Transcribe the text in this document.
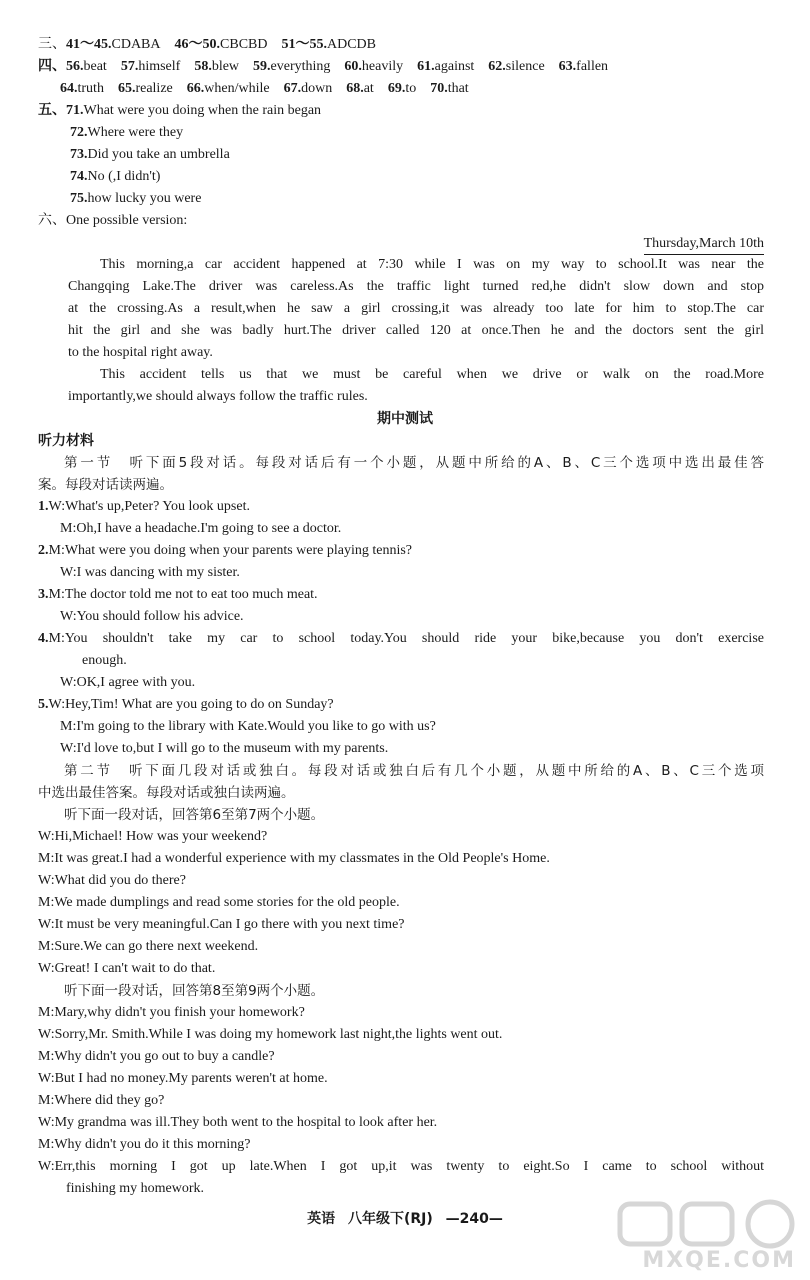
三、41～45.CDABA 46～50.CBCBD 51～55.ADCDB
四、56.beat 57.himself 58.blew 59.everything 60.heavily 61.against 62.silence 63.fallen
64.truth 65.realize 66.when/while 67.down 68.at 69.to 70.that
五、71.What were you doing when the rain began
72.Where were they
73.Did you take an umbrella
74.No (,I didn't)
75.how lucky you were
六、One possible version:
Thursday,March 10th
This morning,a car accident happened at 7:30 while I was on my way to school.It was near the
Changqing Lake.The driver was careless.As the traffic light turned red,he didn't slow down and stop
at the crossing.As a result,when he saw a girl crossing,it was already too late for him to stop.The car
hit the girl and she was badly hurt.The driver called 120 at once.Then he and the doctors sent the girl
to the hospital right away.
This accident tells us that we must be careful when we drive or walk on the road.More
importantly,we should always follow the traffic rules.
期中测试
听力材料
第一节　听下面5段对话。每段对话后有一个小题，从题中所给的A、B、C三个选项中选出最佳答
案。每段对话读两遍。
1.W:What's up,Peter? You look upset.
M:Oh,I have a headache.I'm going to see a doctor.
2.M:What were you doing when your parents were playing tennis?
W:I was dancing with my sister.
3.M:The doctor told me not to eat too much meat.
W:You should follow his advice.
4.M:You shouldn't take my car to school today.You should ride your bike,because you don't exercise
enough.
W:OK,I agree with you.
5.W:Hey,Tim! What are you going to do on Sunday?
M:I'm going to the library with Kate.Would you like to go with us?
W:I'd love to,but I will go to the museum with my parents.
第二节　听下面几段对话或独白。每段对话或独白后有几个小题，从题中所给的A、B、C三个选项
中选出最佳答案。每段对话或独白读两遍。
听下面一段对话，回答第6至第7两个小题。
W:Hi,Michael! How was your weekend?
M:It was great.I had a wonderful experience with my classmates in the Old People's Home.
W:What did you do there?
M:We made dumplings and read some stories for the old people.
W:It must be very meaningful.Can I go there with you next time?
M:Sure.We can go there next weekend.
W:Great! I can't wait to do that.
听下面一段对话，回答第8至第9两个小题。
M:Mary,why didn't you finish your homework?
W:Sorry,Mr. Smith.While I was doing my homework last night,the lights went out.
M:Why didn't you go out to buy a candle?
W:But I had no money.My parents weren't at home.
M:Where did they go?
W:My grandma was ill.They both went to the hospital to look after her.
M:Why didn't you do it this morning?
W:Err,this morning I got up late.When I got up,it was twenty to eight.So I came to school without
finishing my homework.
英语 八年级下(RJ) —240—
MXQE.COM
